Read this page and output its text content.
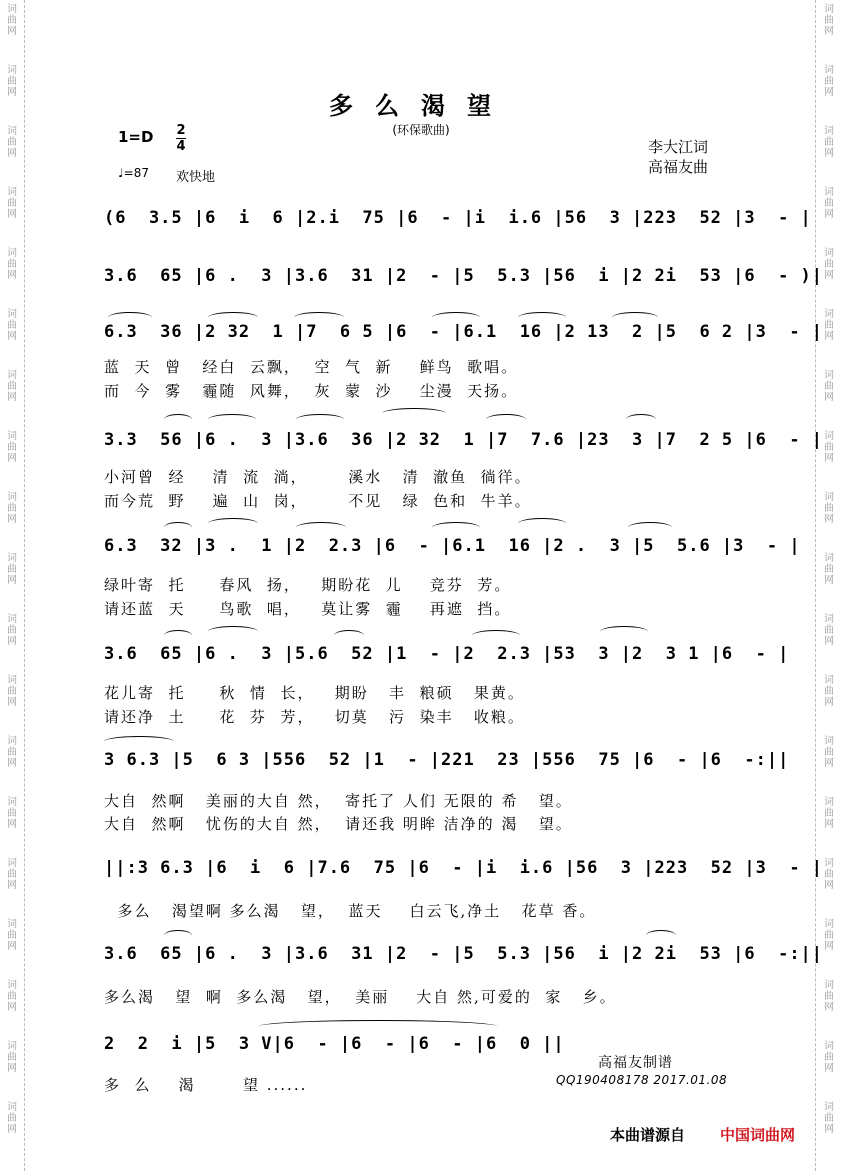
词
曲
网
词
曲
网
词
曲
网
词
曲
网
词
曲
网
词
曲
网
词
曲
网
词
曲
网
词
曲
网
词
曲
网
词
曲
网
词
曲
网
词
曲
网
词
曲
网
词
曲
网
词
曲
网
词
曲
网
词
曲
网
词
曲
网
词
曲
网
词
曲
网
词
曲
网
词
曲
网
词
曲
网
词
曲
网
词
曲
网
词
曲
网
词
曲
网
词
曲
网
词
曲
网
词
曲
网
词
曲
网
词
曲
网
词
曲
网
词
曲
网
词
曲
网
词
曲
网
词
曲
网
多么渴望
(环保歌曲)
1=D 2
4
♩=87 欢快地
李大江词
高福友曲
(6  3.5 |6  i  6 |2.i  75 |6  - |i  i.6 |56  3 |223  52 |3  - |
3.6  65 |6 .  3 |3.6  31 |2  - |5  5.3 |56  i |2 2i  53 |6  - )|
6.3  36 |2 32  1 |7  6 5 |6  - |6.1  16 |2 13  2 |5  6 2 |3  - |
蓝  天  曾   经白  云飘，  空  气  新    鲜鸟  歌唱。
而  今  雾   霾随  风舞，  灰  蒙  沙    尘漫  天扬。
3.3  56 |6 .  3 |3.6  36 |2 32  1 |7  7.6 |23  3 |7  2 5 |6  - |
小河曾  经    清  流  淌，      溪水   清  澈鱼  徜徉。
而今荒  野    遍  山  岗，      不见   绿  色和  牛羊。
6.3  32 |3 .  1 |2  2.3 |6  - |6.1  16 |2 .  3 |5  5.6 |3  - |
绿叶寄  托     春风  扬，   期盼花  儿    竞芬  芳。
请还蓝  天     鸟歌  唱，   莫让雾  霾    再遮  挡。
3.6  65 |6 .  3 |5.6  52 |1  - |2  2.3 |53  3 |2  3 1 |6  - |
花儿寄  托     秋  情  长，   期盼   丰  粮硕   果黄。
请还净  土     花  芬  芳，   切莫   污  染丰   收粮。
3 6.3 |5  6 3 |556  52 |1  - |221  23 |556  75 |6  - |6  -:||
大自  然啊   美丽的大自 然，  寄托了 人们 无限的 希   望。
大自  然啊   忧伤的大自 然，  请还我 明眸 洁净的 渴   望。
||:3 6.3 |6  i  6 |7.6  75 |6  - |i  i.6 |56  3 |223  52 |3  - |
多么   渴望啊 多么渴   望，  蓝天    白云飞,净土   花草 香。
3.6  65 |6 .  3 |3.6  31 |2  - |5  5.3 |56  i |2 2i  53 |6  -:||
多么渴   望  啊  多么渴   望，  美丽    大自 然,可爱的  家   乡。
2  2  i |5  3 V|6  - |6  - |6  - |6  0 ||
多  么    渴       望 ......
高福友制谱
QQ190408178 2017.01.08
本曲谱源自 中国词曲网
